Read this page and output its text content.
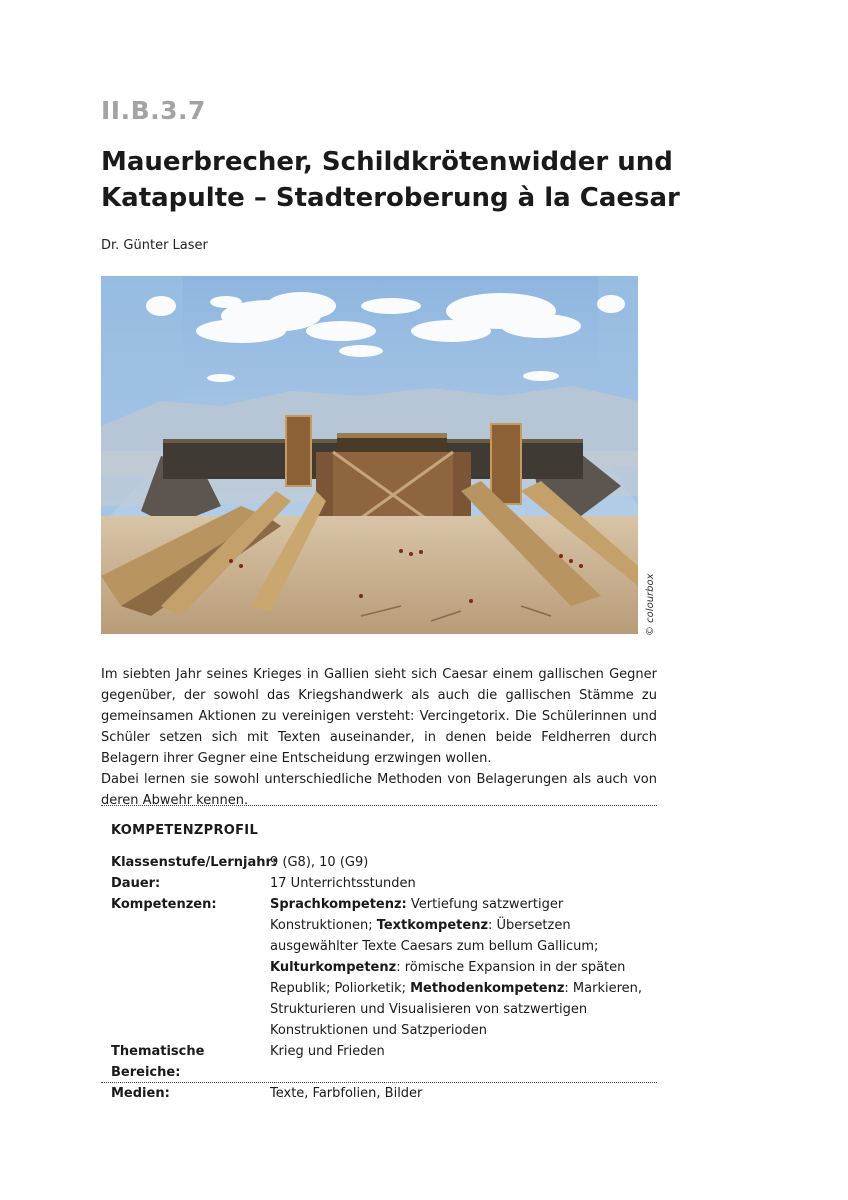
II.B.3.7
Mauerbrecher, Schildkrötenwidder und Katapulte – Stadteroberung à la Caesar
Dr. Günter Laser
© colourbox

Im siebten Jahr seines Krieges in Gallien sieht sich Caesar einem gallischen Gegner gegenüber, der sowohl das Kriegshandwerk als auch die gallischen Stämme zu gemeinsamen Aktionen zu vereinigen versteht: Vercingetorix. Die Schülerinnen und Schüler setzen sich mit Texten auseinander, in denen beide Feldherren durch Belagern ihrer Gegner eine Entscheidung erzwingen wollen.

Dabei lernen sie sowohl unterschiedliche Methoden von Belagerungen als auch von deren Abwehr kennen.

KOMPETENZPROFIL
Klassenstufe/Lernjahr:
9 (G8), 10 (G9)
Dauer:	17 Unterrichtsstunden
Kompetenzen:	Sprachkompetenz: Vertiefung satzwertiger Konstruktionen; Textkompetenz: Übersetzen ausgewählter Texte Caesars zum bellum Gallicum; Kulturkompetenz: römische Expansion in der späten Republik; Poliorketik; Methodenkompetenz: Markieren, Strukturieren und Visualisieren von satzwertigen Konstruktionen und Satzperioden
Thematische Bereiche:
Krieg und Frieden
Medien:	Texte, Farbfolien, Bilder
